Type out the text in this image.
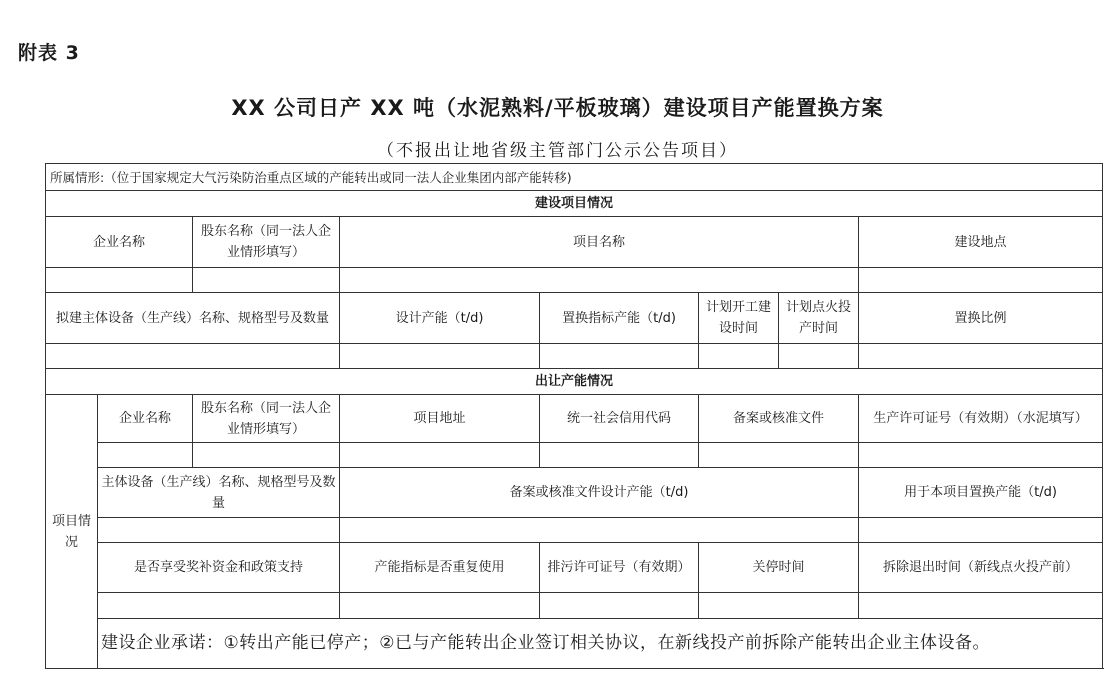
附表 3
XX 公司日产 XX 吨（水泥熟料/平板玻璃）建设项目产能置换方案
（不报出让地省级主管部门公示公告项目）
所属情形:（位于国家规定大气污染防治重点区域的产能转出或同一法人企业集团内部产能转移)							
建设项目情况							
企业名称		股东名称（同一法人企业情形填写）	项目名称				建设地点

拟建主体设备（生产线）名称、规格型号及数量			设计产能（t/d)	置换指标产能（t/d)	计划开工建设时间	计划点火投产时间	置换比例

出让产能情况							
项目情况	企业名称	股东名称（同一法人企业情形填写）	项目地址	统一社会信用代码	备案或核准文件		生产许可证号（有效期）（水泥填写）

	主体设备（生产线）名称、规格型号及数量		备案或核准文件设计产能（t/d)				用于本项目置换产能（t/d)

	是否享受奖补资金和政策支持		产能指标是否重复使用	排污许可证号（有效期）	关停时间		拆除退出时间（新线点火投产前）

	建设企业承诺：①转出产能已停产；②已与产能转出企业签订相关协议，在新线投产前拆除产能转出企业主体设备。						
